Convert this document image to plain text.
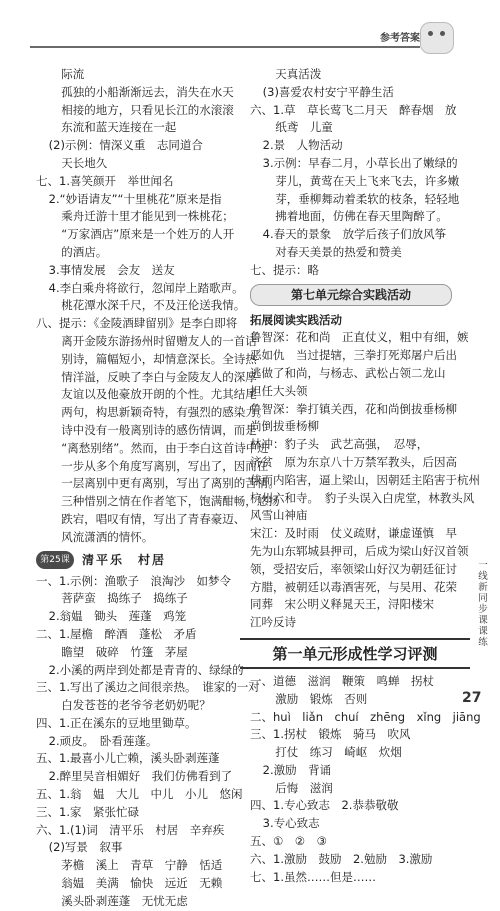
参考答案
际流
孤独的小船渐渐远去，消失在水天
相接的地方，只看见长江的水滚滚
东流和蓝天连接在一起
(2)示例：情深义重　志同道合
天长地久
七、1.喜笑颜开　举世闻名
2.“妙语请友”“十里桃花”原来是指
乘舟迁游十里才能见到一株桃花；
“万家酒店”原来是一个姓万的人开
的酒店。
3.事情发展　会友　送友
4.李白乘舟将欲行，忽闻岸上踏歌声。
桃花潭水深千尺，不及汪伦送我情。
八、提示：《金陵酒肆留别》是李白即将
离开金陵东游扬州时留赠友人的一首话
别诗，篇幅短小，却情意深长。全诗热
情洋溢，反映了李白与金陵友人的深厚
友谊以及他豪放开朗的个性。尤其结尾
两句，构思新颖奇特，有强烈的感染力。
诗中没有一般离别诗的感伤情调，而是
“离愁别绪”。然而，由于李白这首诗中进
一步从多个角度写离别，写出了，因而在
一层离别中更有离别，写出了离别的苦情。
三种惜别之情在作者笔下，饱满酣畅，悠扬
跌宕，唱叹有情，写出了青春豪迈、
风流潇洒的情怀。
第25课	清平乐　村居
一、1.示例：渔歌子　浪淘沙　如梦令
菩萨蛮　捣练子　捣练子
2.翁媪　锄头　莲蓬　鸡笼
二、1.屋檐　醉酒　蓬松　矛盾
瞻望　破碎　竹篷　茅屋
2.小溪的两岸到处都是青青的、绿绿的
三、1.写出了溪边之间很亲热。　谁家的一对
白发苍苍的老爷爷老奶奶呢？
四、1.正在溪东的豆地里锄草。
2.顽皮。　卧看莲蓬。
五、1.最喜小儿亡赖，溪头卧剥莲蓬
2.醉里吴音相媚好　我们仿佛看到了
五、1.翁　媪　大儿　中儿　小儿　悠闲
三、1.家　紧张忙碌
六、1.(1)词　清平乐　村居　辛弃疾
(2)写景　叙事
茅檐　溪上　青草　宁静　恬适
翁媪　美满　愉快　远近　无赖
溪头卧剥莲蓬　无忧无虑
天真活泼
(3)喜爱农村安宁平静生活
六、1.草　草长莺飞二月天　醉春烟　放
纸鸢　儿童
2.景　人物活动
3.示例：早春二月，小草长出了嫩绿的
芽儿，黄莺在天上飞来飞去，许多嫩
芽，垂柳舞动着柔软的枝条，轻轻地
拂着地面，仿佛在春天里陶醉了。
4.春天的景象　放学后孩子们放风筝
对春天美景的热爱和赞美
七、提示：略
第七单元综合实践活动
拓展阅读实践活动
鲁智深：花和尚　正直仗义，粗中有细，嫉
恶如仇　当过提辖，三拳打死郑屠户后出
逃做了和尚，与杨志、武松占领二龙山
担任大头领
鲁智深：拳打镇关西，花和尚倒拔垂杨柳
尚倒拔垂杨柳
林冲：豹子头　武艺高强，　忍辱，
济贫　原为东京八十万禁军教头，后因高
俅而内陷害，逼上梁山，因朝廷主陷害于杭州
杭州六和寺。　豹子头误入白虎堂，林教头风
风雪山神庙
宋江：及时雨　仗义疏财，谦虚谨慎　早
先为山东郓城县押司，后成为梁山好汉首领
领，受招安后，率领梁山好汉为朝廷征讨
方腊，被朝廷以毒酒害死，与吴用、花荣
同葬　宋公明义释晁天王，浔阳楼宋
江吟反诗
第一单元形成性学习评测
一、道德　滋润　鞭策　鸣蝉　拐杖
激励　锻炼　否则
二、huì　liǎn　chuí　zhēng　xǐng　jiāng
三、1.拐杖　锻炼　骑马　吹风
打仗　练习　崎岖　炊烟
2.激励　背诵
后悔　滋润
四、1.专心致志　2.恭恭敬敬
3.专心致志
五、①　②　③
六、1.激励　鼓励　2.勉励　3.激励
七、1.虽然……但是……
一
线
新
同
步
课
课
练
27
